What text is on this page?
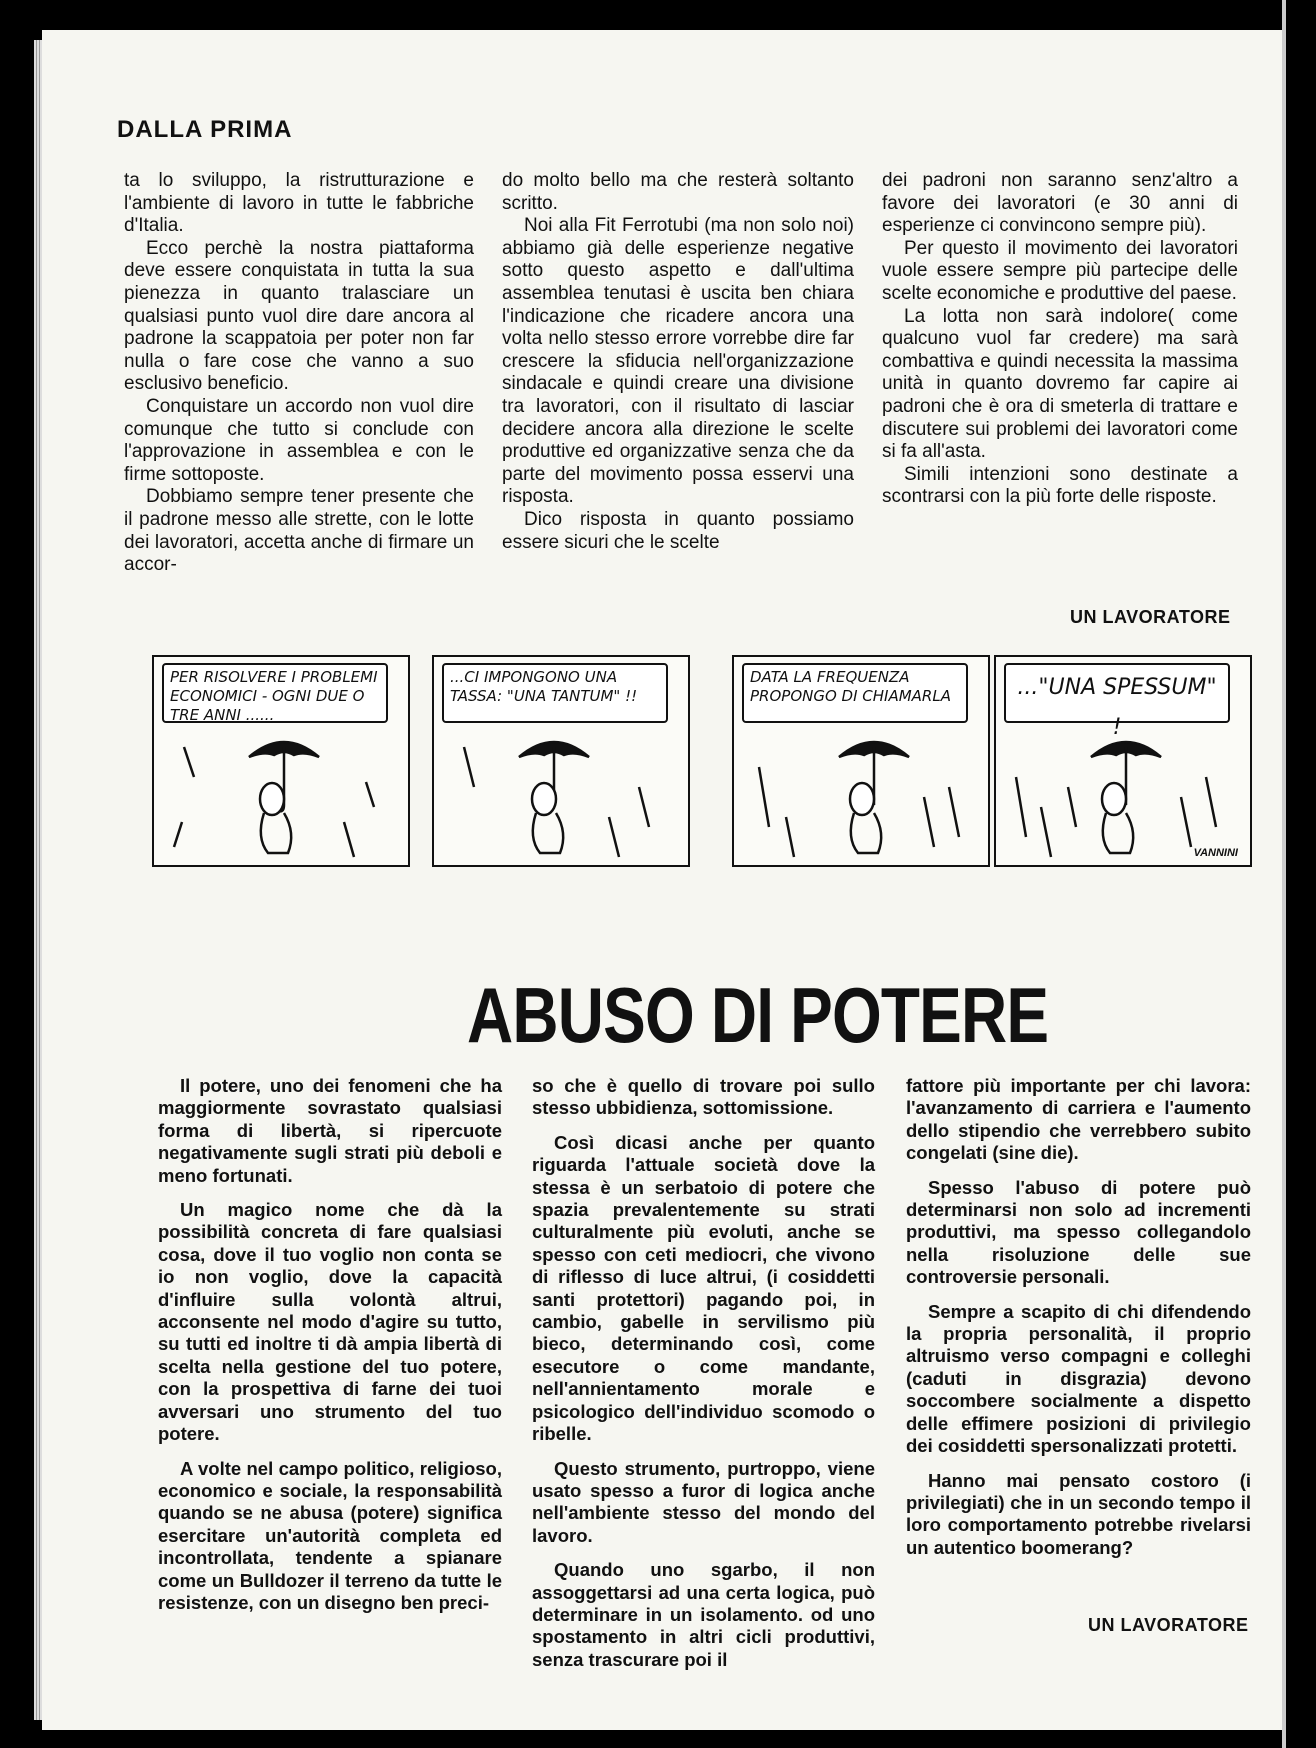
DALLA PRIMA

ta lo sviluppo, la ristrutturazione e l'ambiente di lavoro in tutte le fabbriche d'Italia.

Ecco perchè la nostra piattaforma deve essere conquistata in tutta la sua pienezza in quanto tralasciare un qualsiasi punto vuol dire dare ancora al padrone la scappatoia per poter non far nulla o fare cose che vanno a suo esclusivo beneficio.

Conquistare un accordo non vuol dire comunque che tutto si conclude con l'approvazione in assemblea e con le firme sottoposte.

Dobbiamo sempre tener presente che il padrone messo alle strette, con le lotte dei lavoratori, accetta anche di firmare un accor-

do molto bello ma che resterà soltanto scritto.

Noi alla Fit Ferrotubi (ma non solo noi) abbiamo già delle esperienze negative sotto questo aspetto e dall'ultima assemblea tenutasi è uscita ben chiara l'indicazione che ricadere ancora una volta nello stesso errore vorrebbe dire far crescere la sfiducia nell'organizzazione sindacale e quindi creare una divisione tra lavoratori, con il risultato di lasciar decidere ancora alla direzione le scelte produttive ed organizzative senza che da parte del movimento possa esservi una risposta.

Dico risposta in quanto possiamo essere sicuri che le scelte

dei padroni non saranno senz'altro a favore dei lavoratori (e 30 anni di esperienze ci convincono sempre più).

Per questo il movimento dei lavoratori vuole essere sempre più partecipe delle scelte economiche e produttive del paese.

La lotta non sarà indolore( come qualcuno vuol far credere) ma sarà combattiva e quindi necessita la massima unità in quanto dovremo far capire ai padroni che è ora di smeterla di trattare e discutere sui problemi dei lavoratori come si fa all'asta.

Simili intenzioni sono destinate a scontrarsi con la più forte delle risposte.

UN LAVORATORE
PER RISOLVERE I PROBLEMI ECONOMICI - OGNI DUE O TRE ANNI ......
...CI IMPONGONO UNA TASSA: "UNA TANTUM" !!
DATA LA FREQUENZA PROPONGO DI CHIAMARLA	..."UNA SPESSUM" !
VANNINI
ABUSO DI POTERE

Il potere, uno dei fenomeni che ha maggiormente sovrastato qualsiasi forma di libertà, si ripercuote negativamente sugli strati più deboli e meno fortunati.

Un magico nome che dà la possibilità concreta di fare qualsiasi cosa, dove il tuo voglio non conta se io non voglio, dove la capacità d'influire sulla volontà altrui, acconsente nel modo d'agire su tutto, su tutti ed inoltre ti dà ampia libertà di scelta nella gestione del tuo potere, con la prospettiva di farne dei tuoi avversari uno strumento del tuo potere.

A volte nel campo politico, religioso, economico e sociale, la responsabilità quando se ne abusa (potere) significa esercitare un'autorità completa ed incontrollata, tendente a spianare come un Bulldozer il terreno da tutte le resistenze, con un disegno ben preci-

so che è quello di trovare poi sullo stesso ubbidienza, sottomissione.

Così dicasi anche per quanto riguarda l'attuale società dove la stessa è un serbatoio di potere che spazia prevalentemente su strati culturalmente più evoluti, anche se spesso con ceti mediocri, che vivono di riflesso di luce altrui, (i cosiddetti santi protettori) pagando poi, in cambio, gabelle in servilismo più bieco, determinando così, come esecutore o come mandante, nell'annientamento morale e psicologico dell'individuo scomodo o ribelle.

Questo strumento, purtroppo, viene usato spesso a furor di logica anche nell'ambiente stesso del mondo del lavoro.

Quando uno sgarbo, il non assoggettarsi ad una certa logica, può determinare in un isolamento. od uno spostamento in altri cicli produttivi, senza trascurare poi il

fattore più importante per chi lavora: l'avanzamento di carriera e l'aumento dello stipendio che verrebbero subito congelati (sine die).

Spesso l'abuso di potere può determinarsi non solo ad incrementi produttivi, ma spesso collegandolo nella risoluzione delle sue controversie personali.

Sempre a scapito di chi difendendo la propria personalità, il proprio altruismo verso compagni e colleghi (caduti in disgrazia) devono soccombere socialmente a dispetto delle effimere posizioni di privilegio dei cosiddetti spersonalizzati protetti.

Hanno mai pensato costoro (i privilegiati) che in un secondo tempo il loro comportamento potrebbe rivelarsi un autentico boomerang?

UN LAVORATORE
